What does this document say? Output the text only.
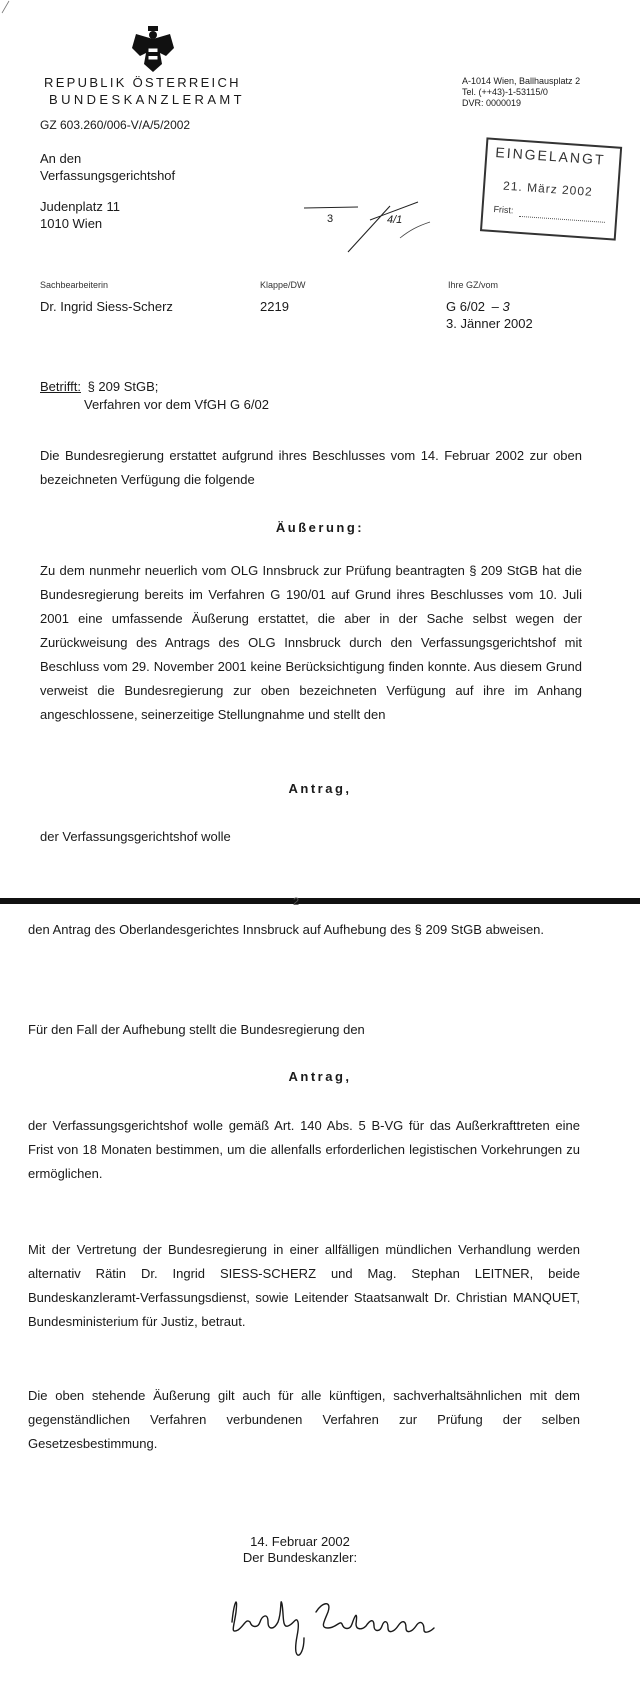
REPUBLIK ÖSTERREICH
BUNDESKANZLERAMT
GZ 603.260/006-V/A/5/2002
A-1014 Wien, Ballhausplatz 2
Tel. (++43)-1-53115/0
DVR: 0000019
An den
Verfassungsgerichtshof
Judenplatz 11
1010 Wien	3	4/1
EINGELANGT
21. März 2002
Frist:
Sachbearbeiterin
Dr. Ingrid Siess-Scherz
Klappe/DW
2219
Ihre GZ/vom
G 6/02 – 3
3. Jänner 2002
Betrifft: § 209 StGB;
Verfahren vor dem VfGH G 6/02
Die Bundesregierung erstattet aufgrund ihres Beschlusses vom 14. Februar 2002 zur oben bezeichneten Verfügung die folgende
Äußerung:
Zu dem nunmehr neuerlich vom OLG Innsbruck zur Prüfung beantragten § 209 StGB hat die Bundesregierung bereits im Verfahren G 190/01 auf Grund ihres Beschlusses vom 10. Juli 2001 eine umfassende Äußerung erstattet, die aber in der Sache selbst wegen der Zurückweisung des Antrags des OLG Innsbruck durch den Verfassungsgerichtshof mit Beschluss vom 29. November 2001 keine Berücksichtigung finden konnte. Aus diesem Grund verweist die Bundesregierung zur oben bezeichneten Verfügung auf ihre im Anhang angeschlossene, seinerzeitige Stellungnahme und stellt den
Antrag,
der Verfassungsgerichtshof wolle
2
den Antrag des Oberlandesgerichtes Innsbruck auf Aufhebung des § 209 StGB abweisen.
Für den Fall der Aufhebung stellt die Bundesregierung den
Antrag,
der Verfassungsgerichtshof wolle gemäß Art. 140 Abs. 5 B-VG für das Außerkrafttreten eine Frist von 18 Monaten bestimmen, um die allenfalls erforderlichen legistischen Vorkehrungen zu ermöglichen.
Mit der Vertretung der Bundesregierung in einer allfälligen mündlichen Verhandlung werden alternativ Rätin Dr. Ingrid SIESS-SCHERZ und Mag. Stephan LEITNER, beide Bundeskanzleramt-Verfassungsdienst, sowie Leitender Staatsanwalt Dr. Christian MANQUET, Bundesministerium für Justiz, betraut.
Die oben stehende Äußerung gilt auch für alle künftigen, sachverhaltsähnlichen mit dem gegenständlichen Verfahren verbundenen Verfahren zur Prüfung der selben Gesetzesbestimmung.
14. Februar 2002
Der Bundeskanzler:
